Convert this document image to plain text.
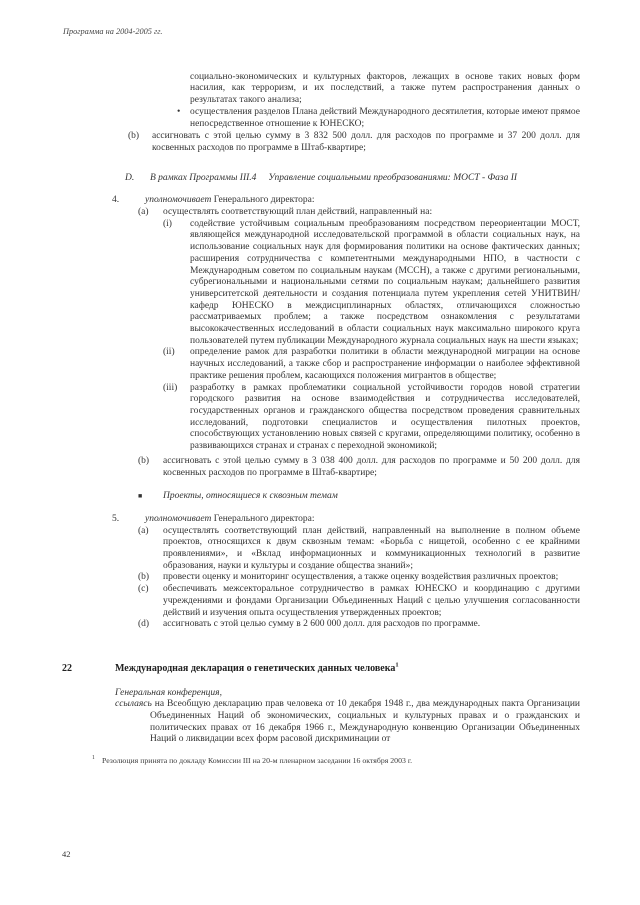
Программа на 2004-2005 гг.
социально-экономических и культурных факторов, лежащих в основе таких новых форм насилия, как терроризм, и их последствий, а также путем распространения данных о результатах такого анализа;
•	осуществления разделов Плана действий Международного десятилетия, которые имеют прямое непосредственное отношение к ЮНЕСКО;
(b)	ассигновать с этой целью сумму в 3 832 500 долл. для расходов по программе и 37 200 долл. для косвенных расходов по программе в Штаб-квартире;
D.	В рамках Программы III.4 Управление социальными преобразованиями: МОСТ - Фаза II
4.	уполномочивает Генерального директора:
(a)	осуществлять соответствующий план действий, направленный на:
(i)	содействие устойчивым социальным преобразованиям посредством переориентации МОСТ, являющейся международной исследовательской программой в области социальных наук, на использование социальных наук для формирования политики на основе фактических данных; расширения сотрудничества с компетентными международными НПО, в частности с Международным советом по социальным наукам (МССН), а также с другими региональными, субрегиональными и национальными сетями по социальным наукам; дальнейшего развития университетской деятельности и создания потенциала путем укрепления сетей УНИТВИН/кафедр ЮНЕСКО в междисциплинарных областях, отличающихся сложностью рассматриваемых проблем; а также посредством ознакомления с результатами высококачественных исследований в области социальных наук максимально широкого круга пользователей путем публикации Международного журнала социальных наук на шести языках;
(ii)	определение рамок для разработки политики в области международной миграции на основе научных исследований, а также сбор и распространение информации о наиболее эффективной практике решения проблем, касающихся положения мигрантов в обществе;
(iii)	разработку в рамках проблематики социальной устойчивости городов новой стратегии городского развития на основе взаимодействия и сотрудничества исследователей, государственных органов и гражданского общества посредством проведения сравнительных исследований, подготовки специалистов и осуществления пилотных проектов, способствующих установлению новых связей с кругами, определяющими политику, особенно в развивающихся странах и странах с переходной экономикой;
(b)	ассигновать с этой целью сумму в 3 038 400 долл. для расходов по программе и 50 200 долл. для косвенных расходов по программе в Штаб-квартире;
■	Проекты, относящиеся к сквозным темам
5.	уполномочивает Генерального директора:
(a)	осуществлять соответствующий план действий, направленный на выполнение в полном объеме проектов, относящихся к двум сквозным темам: «Борьба с нищетой, особенно с ее крайними проявлениями», и «Вклад информационных и коммуникационных технологий в развитие образования, науки и культуры и создание общества знаний»;
(b)	провести оценку и мониторинг осуществления, а также оценку воздействия различных проектов;
(c)	обеспечивать межсекторальное сотрудничество в рамках ЮНЕСКО и координацию с другими учреждениями и фондами Организации Объединенных Наций с целью улучшения согласованности действий и изучения опыта осуществления утвержденных проектов;
(d)	ассигновать с этой целью сумму в 2 600 000 долл. для расходов по программе.
22	Международная декларация о генетических данных человека$^1$
Генеральная конференция,
ссылаясь на Всеобщую декларацию прав человека от 10 декабря 1948 г., два международных пакта Организации Объединенных Наций об экономических, социальных и культурных правах и о гражданских и политических правах от 16 декабря 1966 г., Международную конвенцию Организации Объединенных Наций о ликвидации всех форм расовой дискриминации от
1 Резолюция принята по докладу Комиссии III на 20-м пленарном заседании 16 октября 2003 г.
42
